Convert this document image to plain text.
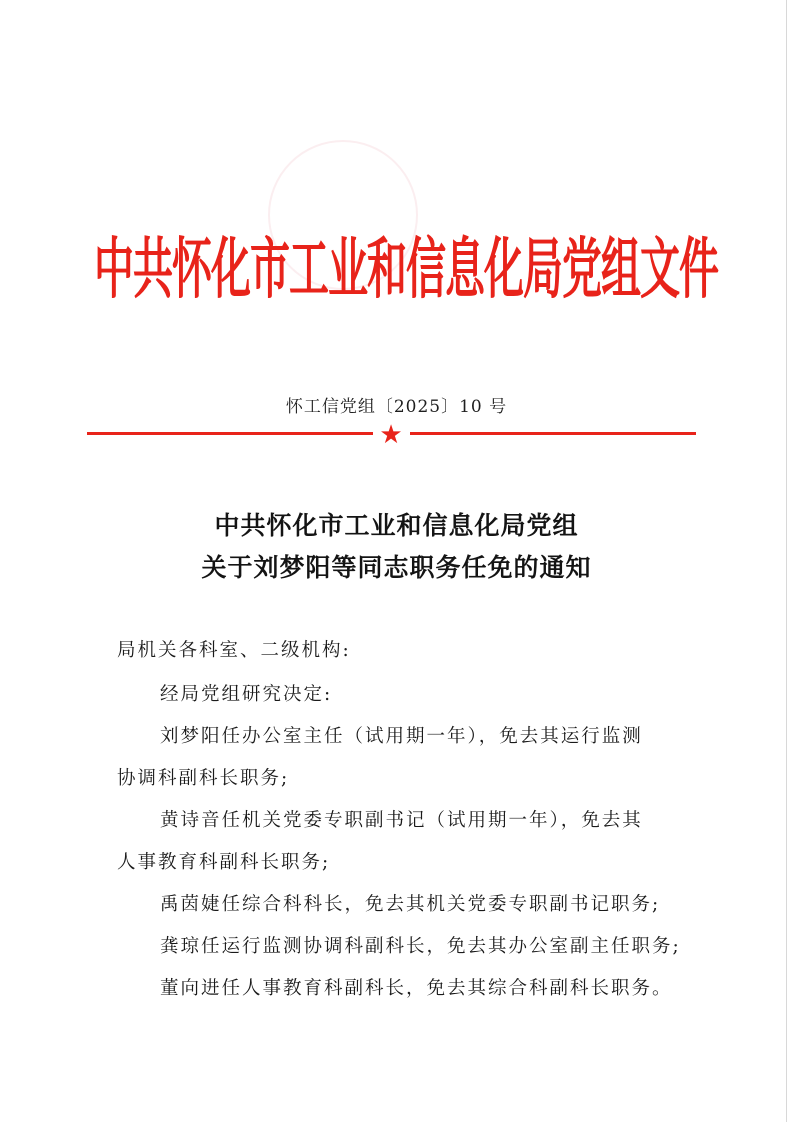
中共怀化市工业和信息化局党组文件
怀工信党组〔2025〕10 号
★
中共怀化市工业和信息化局党组
关于刘梦阳等同志职务任免的通知
局机关各科室、二级机构:
经局党组研究决定:
刘梦阳任办公室主任（试用期一年），免去其运行监测
协调科副科长职务;
黄诗音任机关党委专职副书记（试用期一年），免去其
人事教育科副科长职务;
禹茵婕任综合科科长，免去其机关党委专职副书记职务;
龚琼任运行监测协调科副科长，免去其办公室副主任职务;
董向进任人事教育科副科长，免去其综合科副科长职务。
